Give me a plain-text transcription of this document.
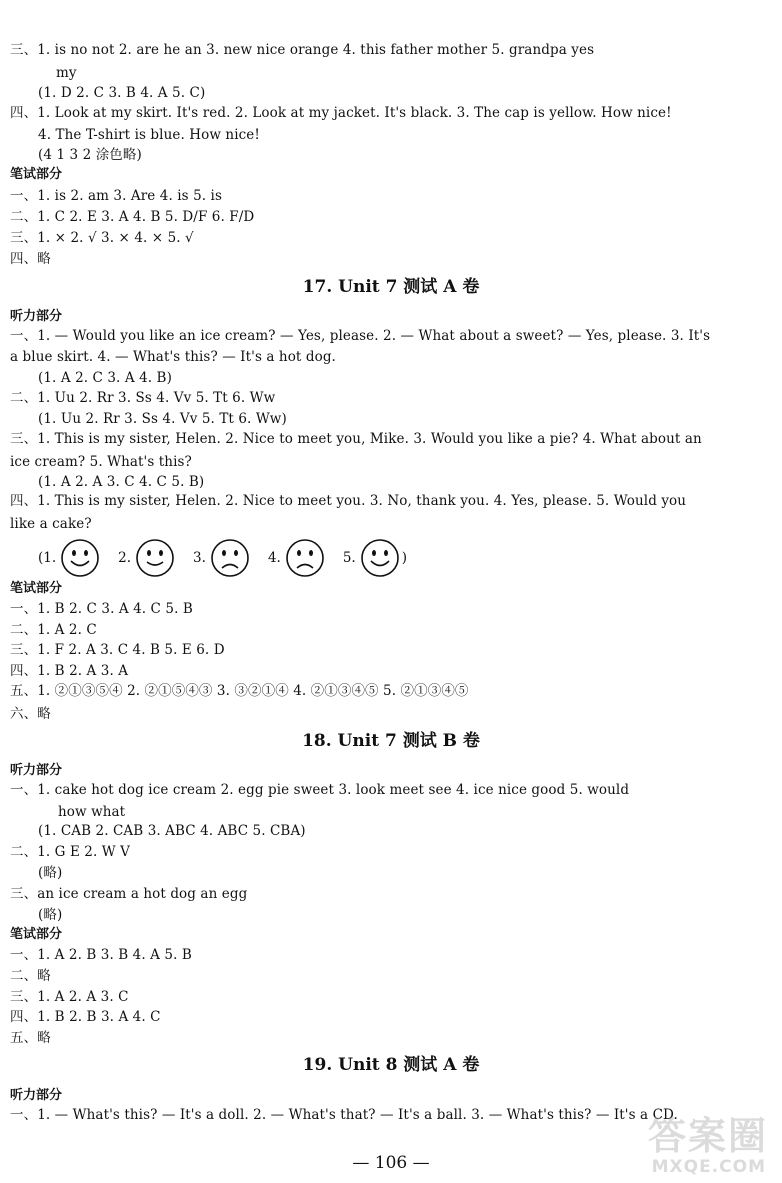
三、1. is no not 2. are he an 3. new nice orange 4. this father mother 5. grandpa yes
my
(1. D 2. C 3. B 4. A 5. C)
四、1. Look at my skirt. It's red. 2. Look at my jacket. It's black. 3. The cap is yellow. How nice!
4. The T-shirt is blue. How nice!
(4 1 3 2 涂色略)
笔试部分
一、1. is 2. am 3. Are 4. is 5. is
二、1. C 2. E 3. A 4. B 5. D/F 6. F/D
三、1. × 2. √ 3. × 4. × 5. √
四、略
17. Unit 7 测试 A 卷
听力部分
一、1. — Would you like an ice cream? — Yes, please. 2. — What about a sweet? — Yes, please. 3. It's
a blue skirt. 4. — What's this? — It's a hot dog.
(1. A 2. C 3. A 4. B)
二、1. Uu 2. Rr 3. Ss 4. Vv 5. Tt 6. Ww
(1. Uu 2. Rr 3. Ss 4. Vv 5. Tt 6. Ww)
三、1. This is my sister, Helen. 2. Nice to meet you, Mike. 3. Would you like a pie? 4. What about an
ice cream? 5. What's this?
(1. A 2. A 3. C 4. C 5. B)
四、1. This is my sister, Helen. 2. Nice to meet you. 3. No, thank you. 4. Yes, please. 5. Would you
like a cake?
(1.	2.	3.	4.	5.	)
笔试部分
一、1. B 2. C 3. A 4. C 5. B
二、1. A 2. C
三、1. F 2. A 3. C 4. B 5. E 6. D
四、1. B 2. A 3. A
五、1. ②①③⑤④ 2. ②①⑤④③ 3. ③②①④ 4. ②①③④⑤ 5. ②①③④⑤
六、略
18. Unit 7 测试 B 卷
听力部分
一、1. cake hot dog ice cream 2. egg pie sweet 3. look meet see 4. ice nice good 5. would
how what
(1. CAB 2. CAB 3. ABC 4. ABC 5. CBA)
二、1. G E 2. W V
(略)
三、an ice cream a hot dog an egg
(略)
笔试部分
一、1. A 2. B 3. B 4. A 5. B
二、略
三、1. A 2. A 3. C
四、1. B 2. B 3. A 4. C
五、略
19. Unit 8 测试 A 卷
听力部分
一、1. — What's this? — It's a doll. 2. — What's that? — It's a ball. 3. — What's this? — It's a CD.
— 106 —
答案圈
MXQE.COM
